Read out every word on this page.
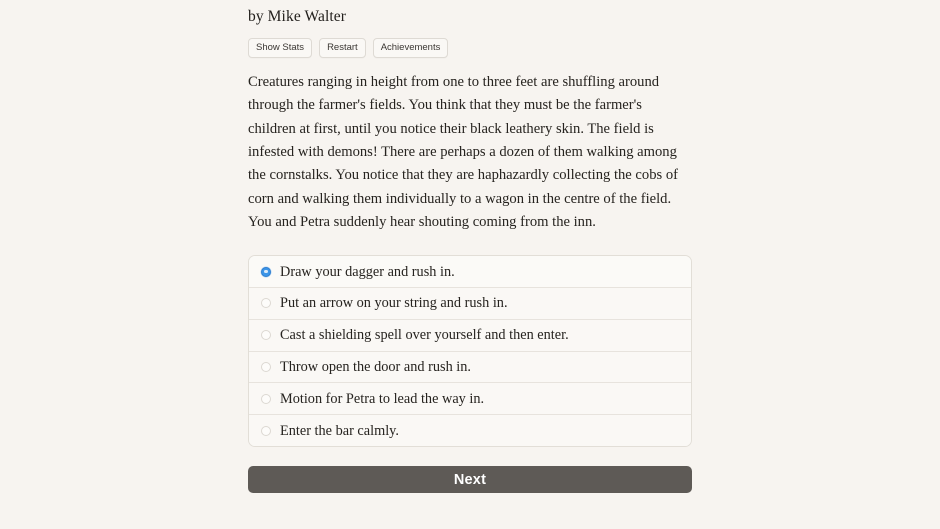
by Mike Walter

Show Stats	Restart	Achievements

Creatures ranging in height from one to three feet are shuffling around through the farmer's fields. You think that they must be the farmer's children at first, until you notice their black leathery skin. The field is infested with demons! There are perhaps a dozen of them walking among the cornstalks. You notice that they are haphazardly collecting the cobs of corn and walking them individually to a wagon in the centre of the field. You and Petra suddenly hear shouting coming from the inn.

Draw your dagger and rush in.
Put an arrow on your string and rush in.
Cast a shielding spell over yourself and then enter.
Throw open the door and rush in.
Motion for Petra to lead the way in.
Enter the bar calmly.
Next
